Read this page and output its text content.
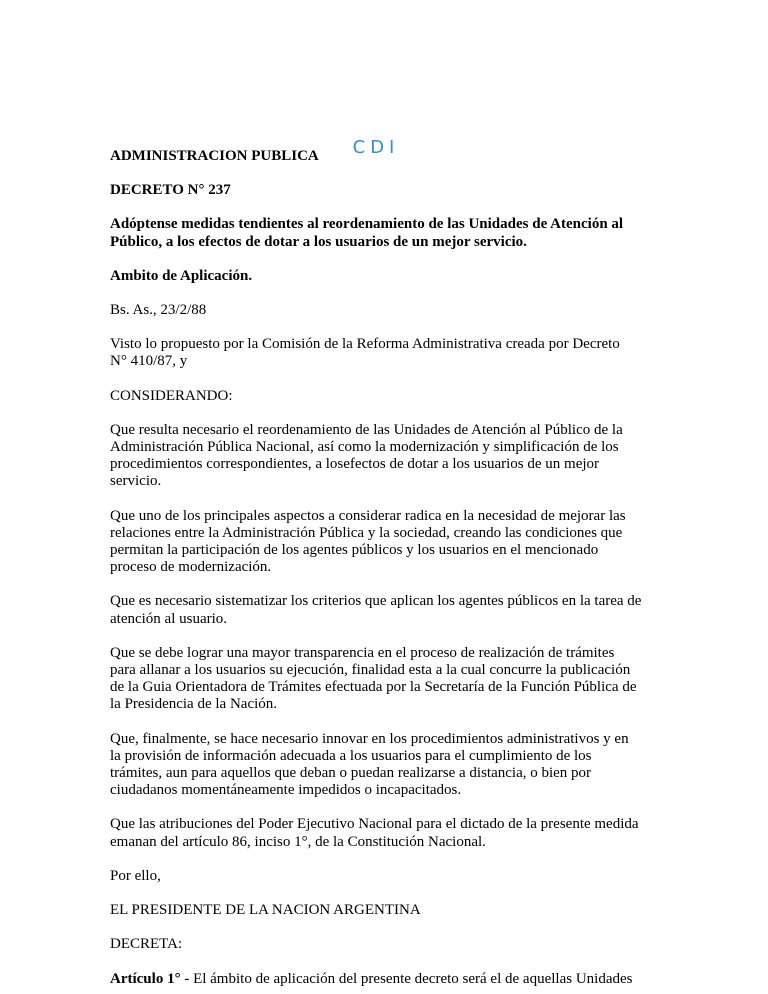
CDI

ADMINISTRACION PUBLICA

DECRETO N° 237

Adóptense medidas tendientes al reordenamiento de las Unidades de Atención al
Público, a los efectos de dotar a los usuarios de un mejor servicio.

Ambito de Aplicación.

Bs. As., 23/2/88

Visto lo propuesto por la Comisión de la Reforma Administrativa creada por Decreto
N° 410/87, y

CONSIDERANDO:

Que resulta necesario el reordenamiento de las Unidades de Atención al Público de la
Administración Pública Nacional, así como la modernización y simplificación de los
procedimientos correspondientes, a losefectos de dotar a los usuarios de un mejor
servicio.

Que uno de los principales aspectos a considerar radica en la necesidad de mejorar las
relaciones entre la Administración Pública y la sociedad, creando las condiciones que
permitan la participación de los agentes públicos y los usuarios en el mencionado
proceso de modernización.

Que es necesario sistematizar los criterios que aplican los agentes públicos en la tarea de
atención al usuario.

Que se debe lograr una mayor transparencia en el proceso de realización de trámites
para allanar a los usuarios su ejecución, finalidad esta a la cual concurre la publicación
de la Guia Orientadora de Trámites efectuada por la Secretaría de la Función Pública de
la Presidencia de la Nación.

Que, finalmente, se hace necesario innovar en los procedimientos administrativos y en
la provisión de información adecuada a los usuarios para el cumplimiento de los
trámites, aun para aquellos que deban o puedan realizarse a distancia, o bien por
ciudadanos momentáneamente impedidos o incapacitados.

Que las atribuciones del Poder Ejecutivo Nacional para el dictado de la presente medida
emanan del artículo 86, inciso 1°, de la Constitución Nacional.

Por ello,

EL PRESIDENTE DE LA NACION ARGENTINA

DECRETA:

Artículo 1° - El ámbito de aplicación del presente decreto será el de aquellas Unidades
